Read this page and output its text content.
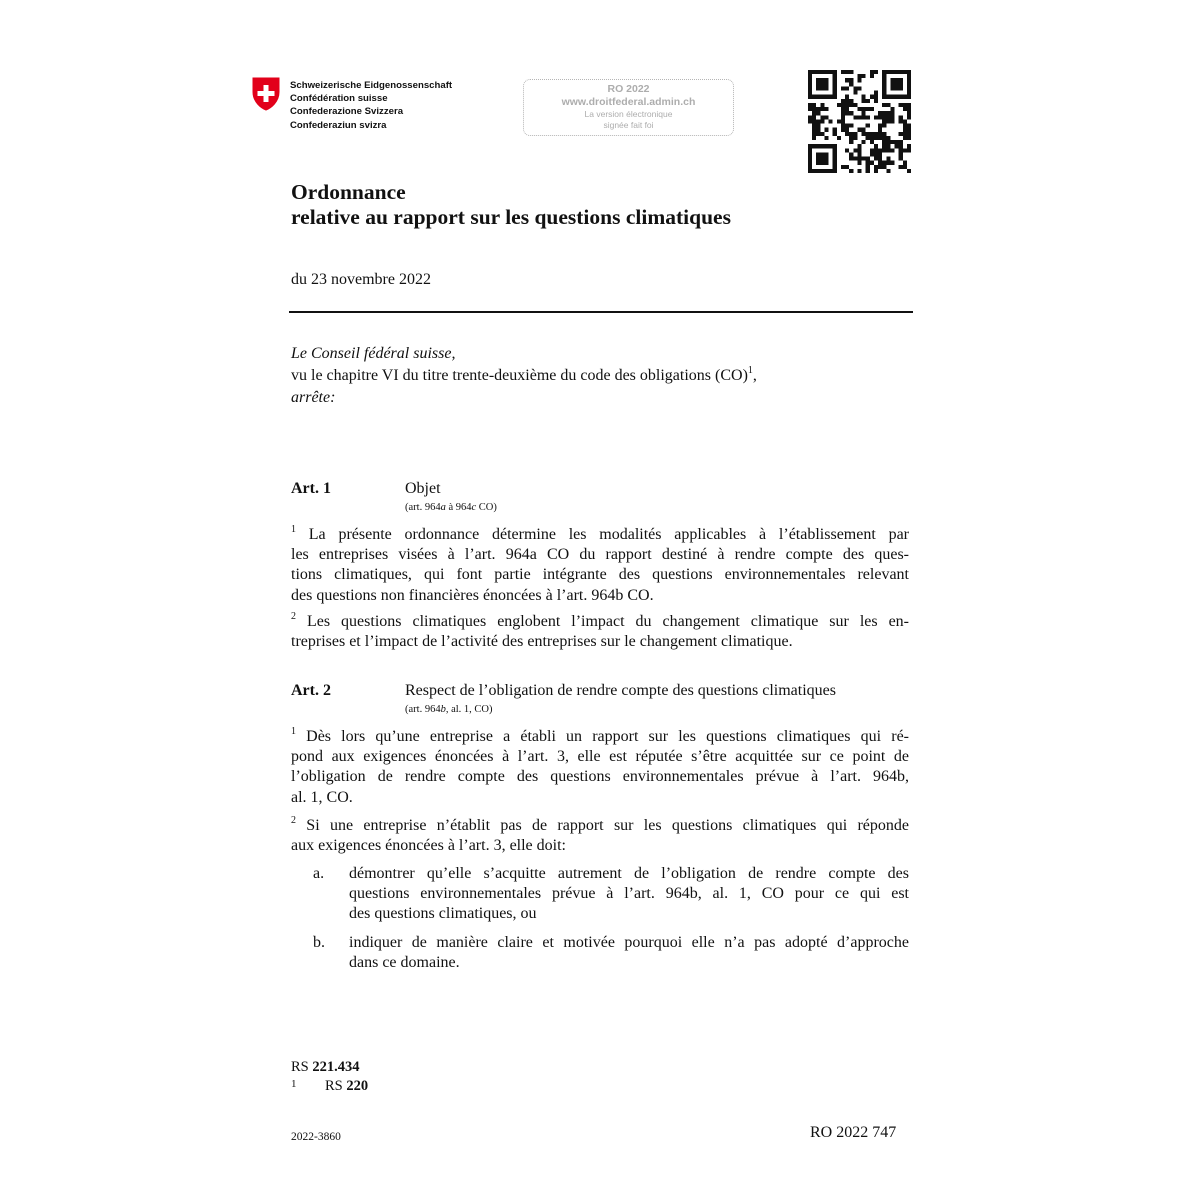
Schweizerische Eidgenossenschaft
Confédération suisse
Confederazione Svizzera
Confederaziun svizra
RO 2022
www.droitfederal.admin.ch
La version électronique
signée fait foi
Ordonnance
relative au rapport sur les questions climatiques
du 23 novembre 2022
Le Conseil fédéral suisse,
vu le chapitre VI du titre trente-deuxième du code des obligations (CO)$^1$,
arrête:
Art. 1	Objet
(art. 964a à 964c CO)
$^1$ La présente ordonnance détermine les modalités applicables à l’établissement par
les entreprises visées à l’art. 964a CO du rapport destiné à rendre compte des ques-
tions climatiques, qui font partie intégrante des questions environnementales relevant
des questions non financières énoncées à l’art. 964b CO.
$^2$ Les questions climatiques englobent l’impact du changement climatique sur les en-
treprises et l’impact de l’activité des entreprises sur le changement climatique.
Art. 2	Respect de l’obligation de rendre compte des questions climatiques
(art. 964b, al. 1, CO)
$^1$ Dès lors qu’une entreprise a établi un rapport sur les questions climatiques qui ré-
pond aux exigences énoncées à l’art. 3, elle est réputée s’être acquittée sur ce point de
l’obligation de rendre compte des questions environnementales prévue à l’art. 964b,
al. 1, CO.
$^2$ Si une entreprise n’établit pas de rapport sur les questions climatiques qui réponde
aux exigences énoncées à l’art. 3, elle doit:
a. démontrer qu’elle s’acquitte autrement de l’obligation de rendre compte des
questions environnementales prévue à l’art. 964b, al. 1, CO pour ce qui est
des questions climatiques, ou
b. indiquer de manière claire et motivée pourquoi elle n’a pas adopté d’approche
dans ce domaine.
RS 221.434
1 RS 220
2022-3860	RO 2022 747
